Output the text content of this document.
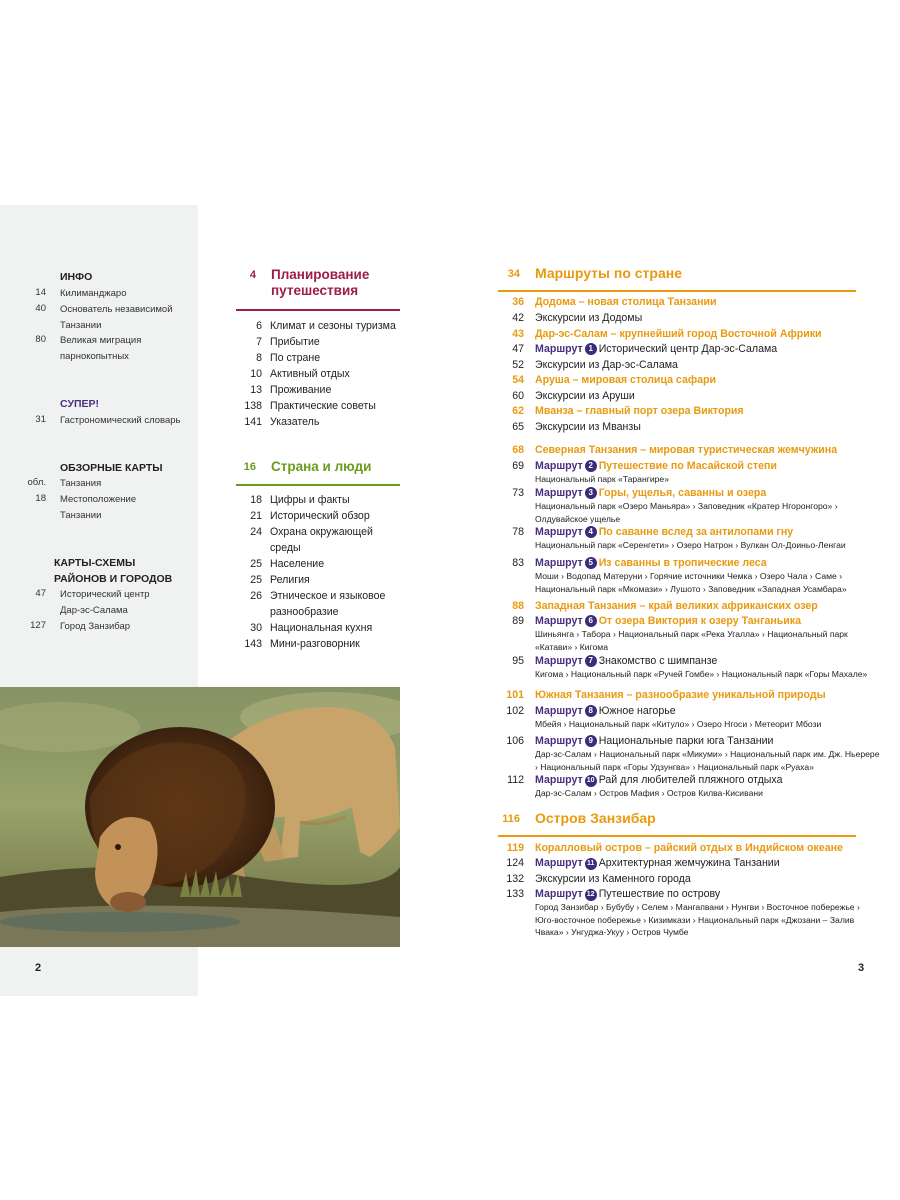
ИНФО
14 Килиманджаро
40 Основатель независимой
Танзании
80 Великая миграция
парнокопытных
СУПЕР!
31 Гастрономический словарь
ОБЗОРНЫЕ КАРТЫ
обл. Танзания
18 Местоположение
Танзании
КАРТЫ-СХЕМЫ
РАЙОНОВ И ГОРОДОВ
47 Исторический центр
Дар-эс-Салама
127 Город Занзибар
4 Планирование
путешествия
6 Климат и сезоны туризма
7 Прибытие
8 По стране
10 Активный отдых
13 Проживание
138 Практические советы
141 Указатель
16 Страна и люди
18 Цифры и факты
21 Исторический обзор
24 Охрана окружающей
среды
25 Население
25 Религия
26 Этническое и языковое
разнообразие
30 Национальная кухня
143 Мини-разговорник
34 Маршруты по стране
116 Остров Занзибар
36 Додома – новая столица Танзании
42 Экскурсии из Додомы
43 Дар-эс-Салам – крупнейший город Восточной Африки
47 Маршрут 1 Исторический центр Дар-эс-Салама
52 Экскурсии из Дар-эс-Салама
54 Аруша – мировая столица сафари
60 Экскурсии из Аруши
62 Мванза – главный порт озера Виктория
65 Экскурсии из Мванзы
68 Северная Танзания – мировая туристическая жемчужина
69 Маршрут 2 Путешествие по Масайской степи
Национальный парк «Тарангире»
73 Маршрут 3 Горы, ущелья, саванны и озера
Национальный парк «Озеро Маньяра» › Заповедник «Кратер Нгоронгоро» ›
Олдувайское ущелье
78 Маршрут 4 По саванне вслед за антилопами гну
Национальный парк «Серенгети» › Озеро Натрон › Вулкан Ол-Доиньо-Ленгаи
83 Маршрут 5 Из саванны в тропические леса
Моши › Водопад Матеруни › Горячие источники Чемка › Озеро Чала › Саме ›
Национальный парк «Мкомази» › Лушото › Заповедник «Западная Усамбара»
88 Западная Танзания – край великих африканских озер
89 Маршрут 6 От озера Виктория к озеру Танганьика
Шиньянга › Табора › Национальный парк «Река Угалла» › Национальный парк
«Катави» › Кигома
95 Маршрут 7 Знакомство с шимпанзе
Кигома › Национальный парк «Ручей Гомбе» › Национальный парк «Горы Махале»
101 Южная Танзания – разнообразие уникальной природы
102 Маршрут 8 Южное нагорье
Мбейя › Национальный парк «Китуло» › Озеро Нгоси › Метеорит Мбози
106 Маршрут 9 Национальные парки юга Танзании
Дар-эс-Салам › Национальный парк «Микуми» › Национальный парк им. Дж. Ньерере
› Национальный парк «Горы Удзунгва» › Национальный парк «Руаха»
112 Маршрут 10 Рай для любителей пляжного отдыха
Дар-эс-Салам › Остров Мафия › Остров Килва-Кисивани
119 Коралловый остров – райский отдых в Индийском океане
124 Маршрут 11 Архитектурная жемчужина Танзании
132 Экскурсии из Каменного города
133 Маршрут 12 Путешествие по острову
Город Занзибар › Бубубу › Селем › Мангапвани › Нунгви › Восточное побережье ›
Юго-восточное побережье › Кизимкази › Национальный парк «Джозани – Залив
Чвака» › Унгуджа-Укуу › Остров Чумбе
2	3
